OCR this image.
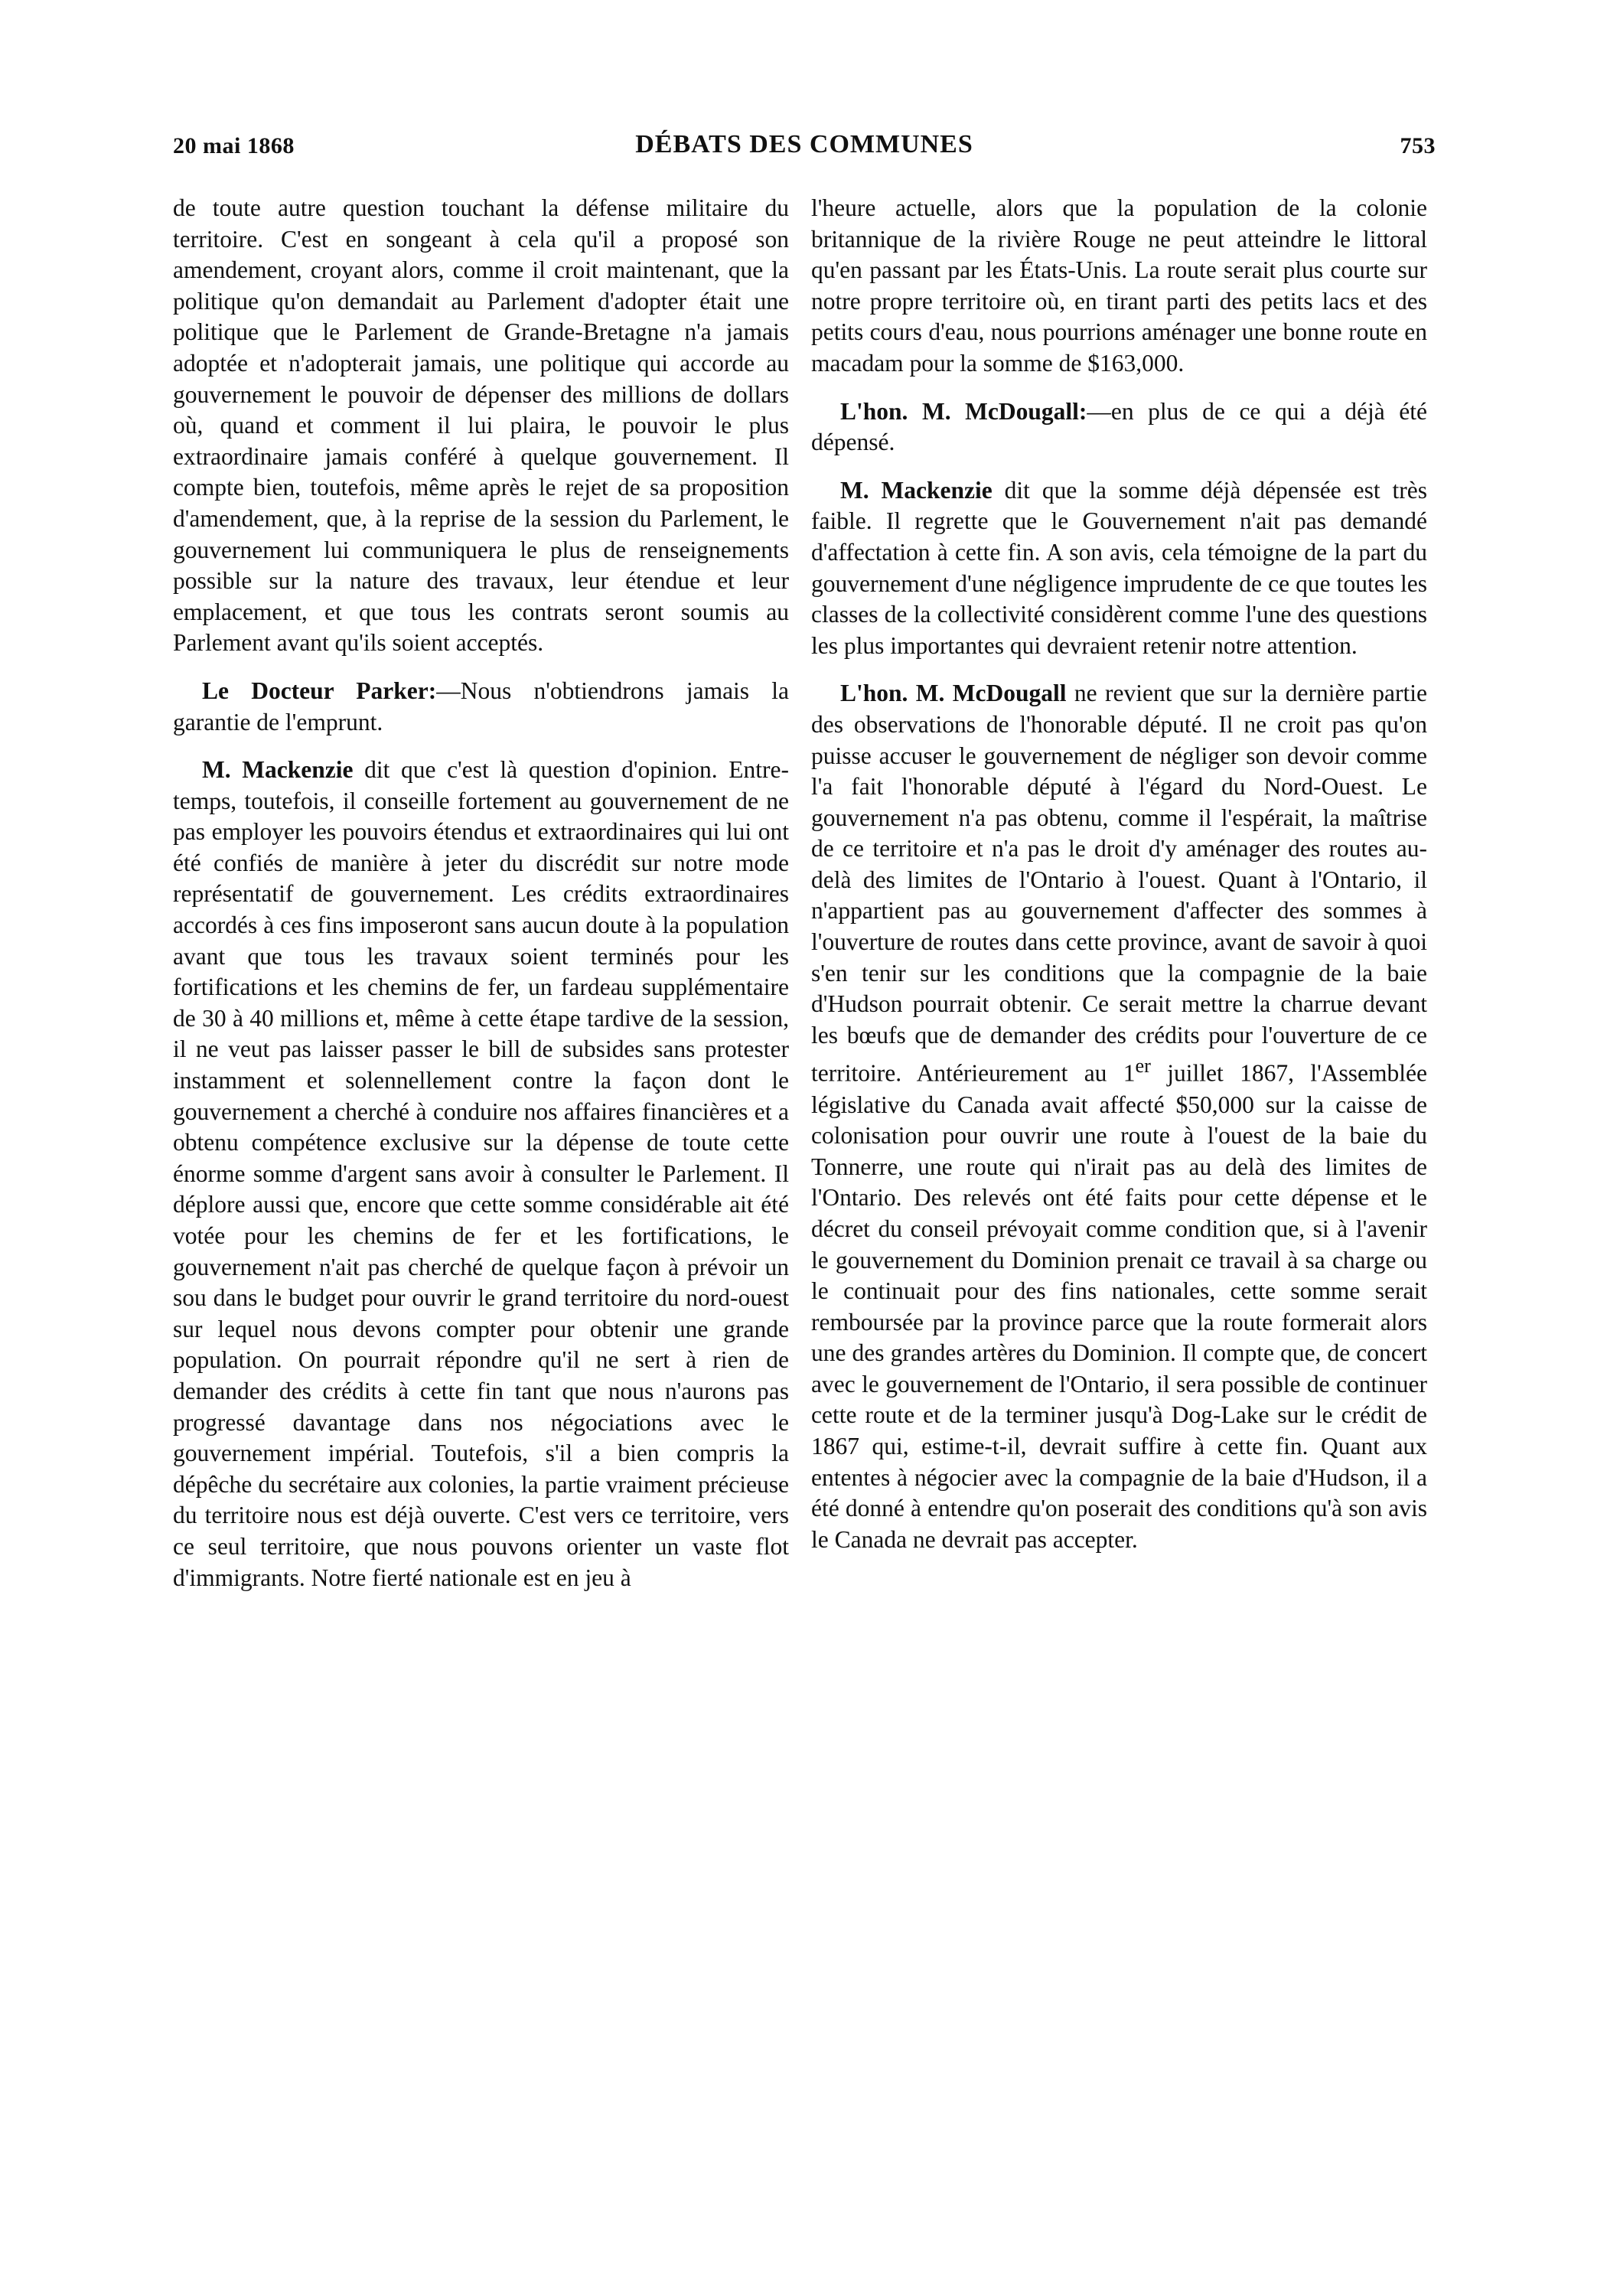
20 mai 1868	DÉBATS DES COMMUNES	753

de toute autre question touchant la défense militaire du territoire. C'est en songeant à cela qu'il a proposé son amendement, croyant alors, comme il croit maintenant, que la politique qu'on demandait au Parlement d'adopter était une politique que le Parlement de Grande-Bretagne n'a jamais adoptée et n'adopterait jamais, une politique qui accorde au gouvernement le pouvoir de dépenser des millions de dollars où, quand et comment il lui plaira, le pouvoir le plus extraordinaire jamais conféré à quelque gouvernement. Il compte bien, toutefois, même après le rejet de sa proposition d'amendement, que, à la reprise de la session du Parlement, le gouvernement lui communiquera le plus de renseignements possible sur la nature des travaux, leur étendue et leur emplacement, et que tous les contrats seront soumis au Parlement avant qu'ils soient acceptés.

Le Docteur Parker:—Nous n'obtiendrons jamais la garantie de l'emprunt.

M. Mackenzie dit que c'est là question d'opinion. Entre-temps, toutefois, il conseille fortement au gouvernement de ne pas employer les pouvoirs étendus et extraordinaires qui lui ont été confiés de manière à jeter du discrédit sur notre mode représentatif de gouvernement. Les crédits extraordinaires accordés à ces fins imposeront sans aucun doute à la population avant que tous les travaux soient terminés pour les fortifications et les chemins de fer, un fardeau supplémentaire de 30 à 40 millions et, même à cette étape tardive de la session, il ne veut pas laisser passer le bill de subsides sans protester instamment et solennellement contre la façon dont le gouvernement a cherché à conduire nos affaires financières et a obtenu compétence exclusive sur la dépense de toute cette énorme somme d'argent sans avoir à consulter le Parlement. Il déplore aussi que, encore que cette somme considérable ait été votée pour les chemins de fer et les fortifications, le gouvernement n'ait pas cherché de quelque façon à prévoir un sou dans le budget pour ouvrir le grand territoire du nord-ouest sur lequel nous devons compter pour obtenir une grande population. On pourrait répondre qu'il ne sert à rien de demander des crédits à cette fin tant que nous n'aurons pas progressé davantage dans nos négociations avec le gouvernement impérial. Toutefois, s'il a bien compris la dépêche du secrétaire aux colonies, la partie vraiment précieuse du territoire nous est déjà ouverte. C'est vers ce territoire, vers ce seul territoire, que nous pouvons orienter un vaste flot d'immigrants. Notre fierté nationale est en jeu à

l'heure actuelle, alors que la population de la colonie britannique de la rivière Rouge ne peut atteindre le littoral qu'en passant par les États-Unis. La route serait plus courte sur notre propre territoire où, en tirant parti des petits lacs et des petits cours d'eau, nous pourrions aménager une bonne route en macadam pour la somme de $163,000.

L'hon. M. McDougall:—en plus de ce qui a déjà été dépensé.

M. Mackenzie dit que la somme déjà dépensée est très faible. Il regrette que le Gouvernement n'ait pas demandé d'affectation à cette fin. A son avis, cela témoigne de la part du gouvernement d'une négligence imprudente de ce que toutes les classes de la collectivité considèrent comme l'une des questions les plus importantes qui devraient retenir notre attention.

L'hon. M. McDougall ne revient que sur la dernière partie des observations de l'honorable député. Il ne croit pas qu'on puisse accuser le gouvernement de négliger son devoir comme l'a fait l'honorable député à l'égard du Nord-Ouest. Le gouvernement n'a pas obtenu, comme il l'espérait, la maîtrise de ce territoire et n'a pas le droit d'y aménager des routes au-delà des limites de l'Ontario à l'ouest. Quant à l'Ontario, il n'appartient pas au gouvernement d'affecter des sommes à l'ouverture de routes dans cette province, avant de savoir à quoi s'en tenir sur les conditions que la compagnie de la baie d'Hudson pourrait obtenir. Ce serait mettre la charrue devant les bœufs que de demander des crédits pour l'ouverture de ce territoire. Antérieurement au 1er juillet 1867, l'Assemblée législative du Canada avait affecté $50,000 sur la caisse de colonisation pour ouvrir une route à l'ouest de la baie du Tonnerre, une route qui n'irait pas au delà des limites de l'Ontario. Des relevés ont été faits pour cette dépense et le décret du conseil prévoyait comme condition que, si à l'avenir le gouvernement du Dominion prenait ce travail à sa charge ou le continuait pour des fins nationales, cette somme serait remboursée par la province parce que la route formerait alors une des grandes artères du Dominion. Il compte que, de concert avec le gouvernement de l'Ontario, il sera possible de continuer cette route et de la terminer jusqu'à Dog-Lake sur le crédit de 1867 qui, estime-t-il, devrait suffire à cette fin. Quant aux ententes à négocier avec la compagnie de la baie d'Hudson, il a été donné à entendre qu'on poserait des conditions qu'à son avis le Canada ne devrait pas accepter.
